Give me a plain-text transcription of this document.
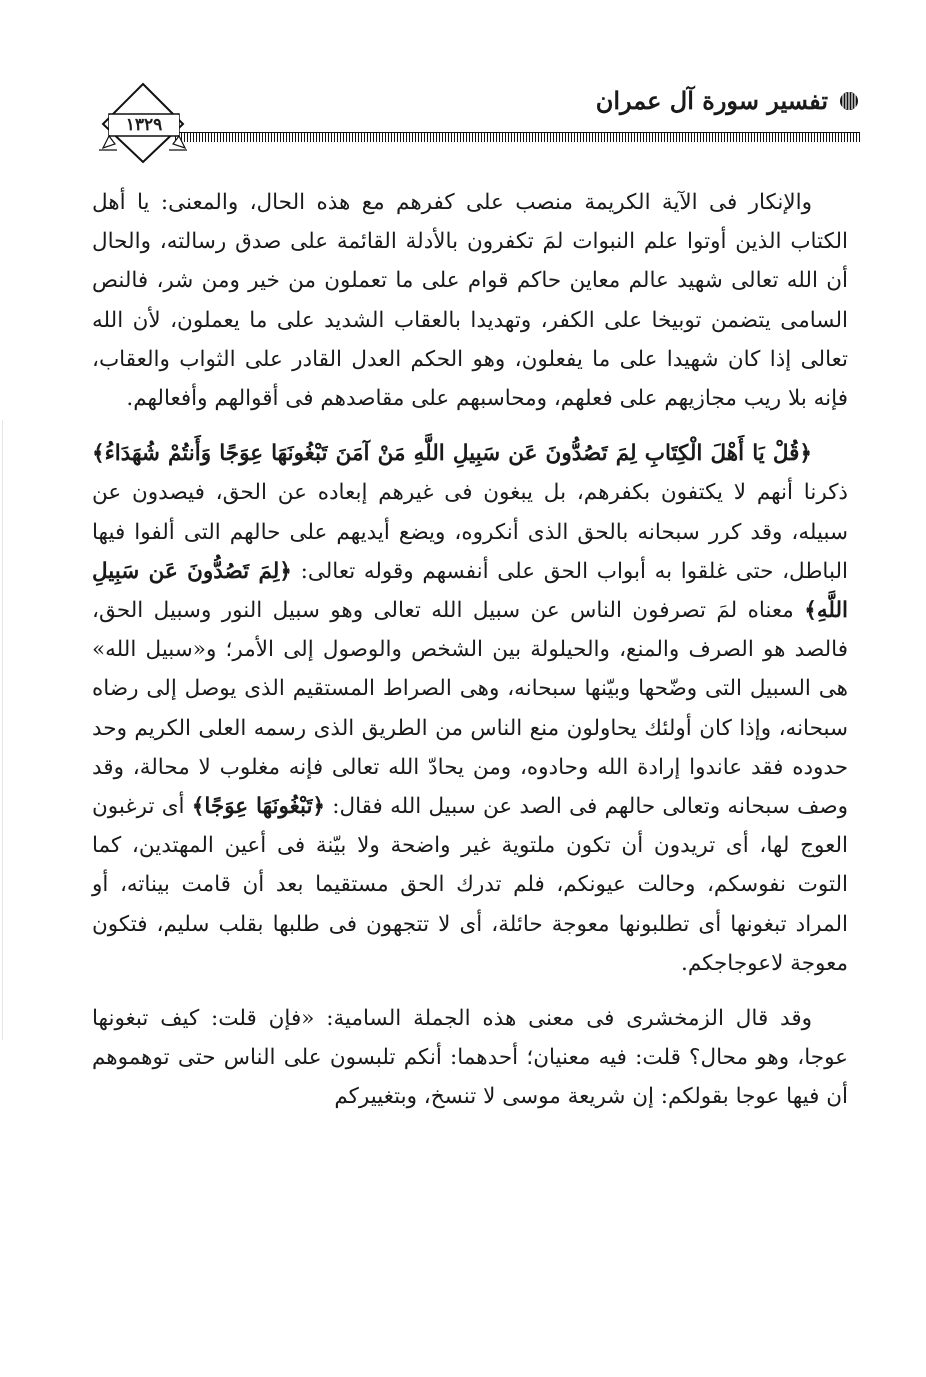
تفسير سورة آل عمران
١٣٢٩

والإنكار فى الآية الكريمة منصب على كفرهم مع هذه الحال، والمعنى: يا أهل الكتاب الذين أوتوا علم النبوات لمَ تكفرون بالأدلة القائمة على صدق رسالته، والحال أن الله تعالى شهيد عالم معاين حاكم قوام على ما تعملون من خير ومن شر، فالنص السامى يتضمن توبيخا على الكفر، وتهديدا بالعقاب الشديد على ما يعملون، لأن الله تعالى إذا كان شهيدا على ما يفعلون، وهو الحكم العدل القادر على الثواب والعقاب، فإنه بلا ريب مجازيهم على فعلهم، ومحاسبهم على مقاصدهم فى أقوالهم وأفعالهم.

﴿قُلْ يَا أَهْلَ الْكِتَابِ لِمَ تَصُدُّونَ عَن سَبِيلِ اللَّهِ مَنْ آمَنَ تَبْغُونَهَا عِوَجًا وَأَنتُمْ شُهَدَاءُ﴾ ذكرنا أنهم لا يكتفون بكفرهم، بل يبغون فى غيرهم إبعاده عن الحق، فيصدون عن سبيله، وقد كرر سبحانه بالحق الذى أنكروه، ويضع أيديهم على حالهم التى ألفوا فيها الباطل، حتى غلقوا به أبواب الحق على أنفسهم وقوله تعالى: ﴿لِمَ تَصُدُّونَ عَن سَبِيلِ اللَّهِ﴾ معناه لمَ تصرفون الناس عن سبيل الله تعالى وهو سبيل النور وسبيل الحق، فالصد هو الصرف والمنع، والحيلولة بين الشخص والوصول إلى الأمر؛ و«سبيل الله» هى السبيل التى وضّحها وبيّنها سبحانه، وهى الصراط المستقيم الذى يوصل إلى رضاه سبحانه، وإذا كان أولئك يحاولون منع الناس من الطريق الذى رسمه العلى الكريم وحد حدوده فقد عاندوا إرادة الله وحادوه، ومن يحادّ الله تعالى فإنه مغلوب لا محالة، وقد وصف سبحانه وتعالى حالهم فى الصد عن سبيل الله فقال: ﴿تَبْغُونَهَا عِوَجًا﴾ أى ترغبون العوج لها، أى تريدون أن تكون ملتوية غير واضحة ولا بيّنة فى أعين المهتدين، كما التوت نفوسكم، وحالت عيونكم، فلم تدرك الحق مستقيما بعد أن قامت بيناته، أو المراد تبغونها أى تطلبونها معوجة حائلة، أى لا تتجهون فى طلبها بقلب سليم، فتكون معوجة لاعوجاجكم.

وقد قال الزمخشرى فى معنى هذه الجملة السامية: «فإن قلت: كيف تبغونها عوجا، وهو محال؟ قلت: فيه معنيان؛ أحدهما: أنكم تلبسون على الناس حتى توهموهم أن فيها عوجا بقولكم: إن شريعة موسى لا تنسخ، وبتغييركم
